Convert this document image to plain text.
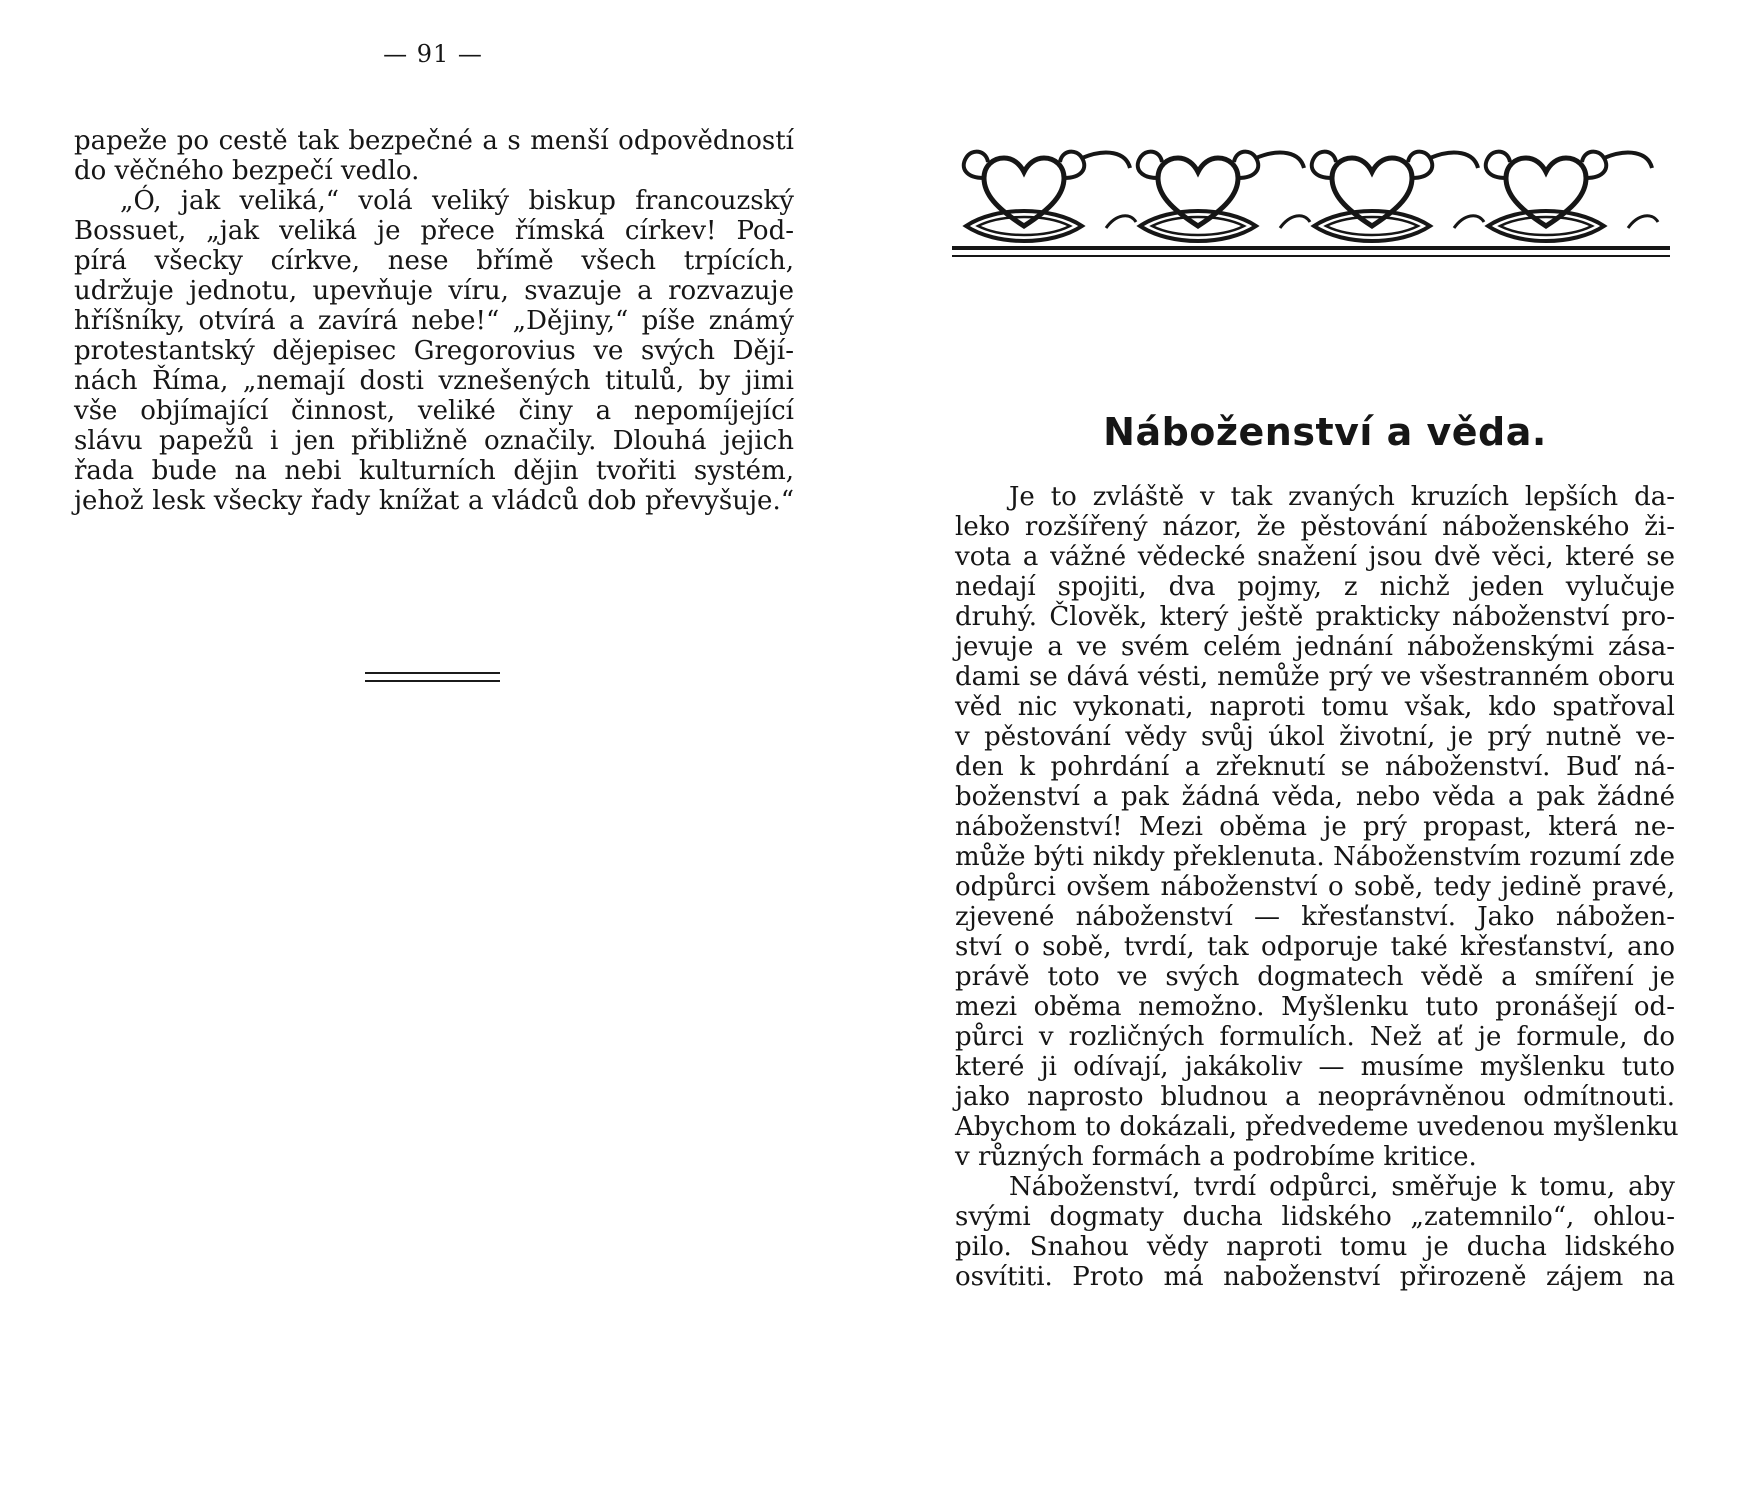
— 91 —

papeže po cestě tak bezpečné a s menší odpovědností
do věčného bezpečí vedlo.
„Ó, jak veliká,“ volá veliký biskup francouzský
Bossuet, „jak veliká je přece římská církev! Pod-
pírá všecky církve, nese břímě všech trpících,
udržuje jednotu, upevňuje víru, svazuje a rozvazuje
hříšníky, otvírá a zavírá nebe!“ „Dějiny,“ píše známý
protestantský dějepisec Gregorovius ve svých Dějí-
nách Říma, „nemají dosti vznešených titulů, by jimi
vše objímající činnost, veliké činy a nepomíjející
slávu papežů i jen přibližně označily. Dlouhá jejich
řada bude na nebi kulturních dějin tvořiti systém,
jehož lesk všecky řady knížat a vládců dob převyšuje.“

Náboženství a věda.

Je to zvláště v tak zvaných kruzích lepších da-
leko rozšířený názor, že pěstování náboženského ži-
vota a vážné vědecké snažení jsou dvě věci, které se
nedají spojiti, dva pojmy, z nichž jeden vylučuje
druhý. Člověk, který ještě prakticky náboženství pro-
jevuje a ve svém celém jednání náboženskými zása-
dami se dává vésti, nemůže prý ve všestranném oboru
věd nic vykonati, naproti tomu však, kdo spatřoval
v pěstování vědy svůj úkol životní, je prý nutně ve-
den k pohrdání a zřeknutí se náboženství. Buď ná-
boženství a pak žádná věda, nebo věda a pak žádné
náboženství! Mezi oběma je prý propast, která ne-
může býti nikdy překlenuta. Náboženstvím rozumí zde
odpůrci ovšem náboženství o sobě, tedy jedině pravé,
zjevené náboženství — křesťanství. Jako nábožen-
ství o sobě, tvrdí, tak odporuje také křesťanství, ano
právě toto ve svých dogmatech vědě a smíření je
mezi oběma nemožno. Myšlenku tuto pronášejí od-
půrci v rozličných formulích. Než ať je formule, do
které ji odívají, jakákoliv — musíme myšlenku tuto
jako naprosto bludnou a neoprávněnou odmítnouti.
Abychom to dokázali, předvedeme uvedenou myšlenku
v různých formách a podrobíme kritice.

Náboženství, tvrdí odpůrci, směřuje k tomu, aby
svými dogmaty ducha lidského „zatemnilo“, ohlou-
pilo. Snahou vědy naproti tomu je ducha lidského
osvítiti. Proto má naboženství přirozeně zájem na
